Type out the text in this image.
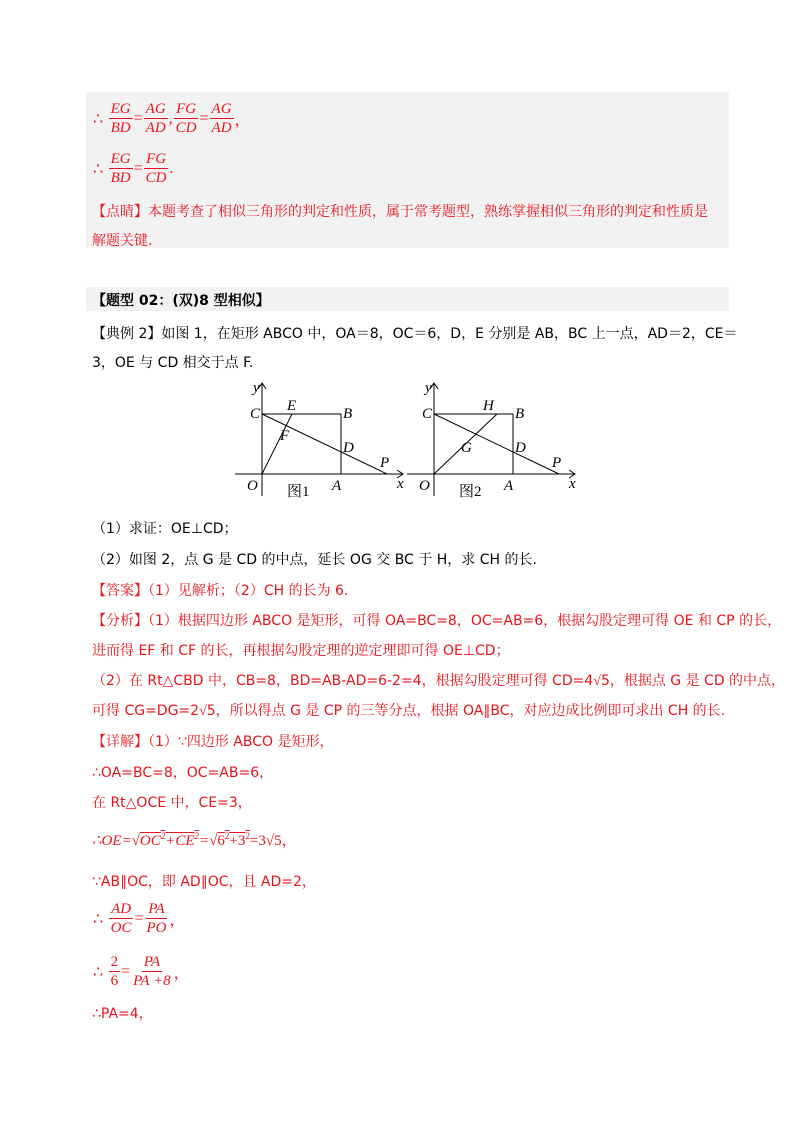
∴ $\frac{EG}{BD} = \frac{AG}{AD}$ , $\frac{FG}{CD} = \frac{AG}{AD}$ ，
∴ $\frac{EG}{BD} = \frac{FG}{CD}$ .
【点睛】本题考查了相似三角形的判定和性质，属于常考题型，熟练掌握相似三角形的判定和性质是
解题关键.
【题型 02：(双)8 型相似】
【典例 2】如图 1，在矩形 ABCO 中，OA＝8，OC＝6，D，E 分别是 AB，BC 上一点，AD＝2，CE＝
3，OE 与 CD 相交于点 F.
y
C E	B
F
D
P
O	A	x
图1
y
C	H B
G	D
P
O	A	x
图2
（1）求证：OE⊥CD；
（2）如图 2，点 G 是 CD 的中点，延长 OG 交 BC 于 H，求 CH 的长.
【答案】（1）见解析；（2）CH 的长为 6.
【分析】（1）根据四边形 ABCO 是矩形，可得 OA=BC=8，OC=AB=6，根据勾股定理可得 OE 和 CP 的长，
进而得 EF 和 CF 的长，再根据勾股定理的逆定理即可得 OE⊥CD；
（2）在 Rt△CBD 中，CB=8，BD=AB-AD=6-2=4，根据勾股定理可得 CD=4√5，根据点 G 是 CD 的中点，
可得 CG=DG=2√5，所以得点 G 是 CP 的三等分点，根据 OA∥BC，对应边成比例即可求出 CH 的长.
【详解】（1）∵四边形 ABCO 是矩形，
∴OA=BC=8，OC=AB=6，
在 Rt△OCE 中，CE=3，
$\therefore OE=√OC^2+CE^2=√6^2+3^2=3√5$，
∵AB∥OC，即 AD∥OC，且 AD=2，
∴ $\frac{AD}{OC} = \frac{PA}{PO}$ ，
∴ $\frac{2}{6} = \frac{PA}{PA +8}$ ，
∴PA=4，
